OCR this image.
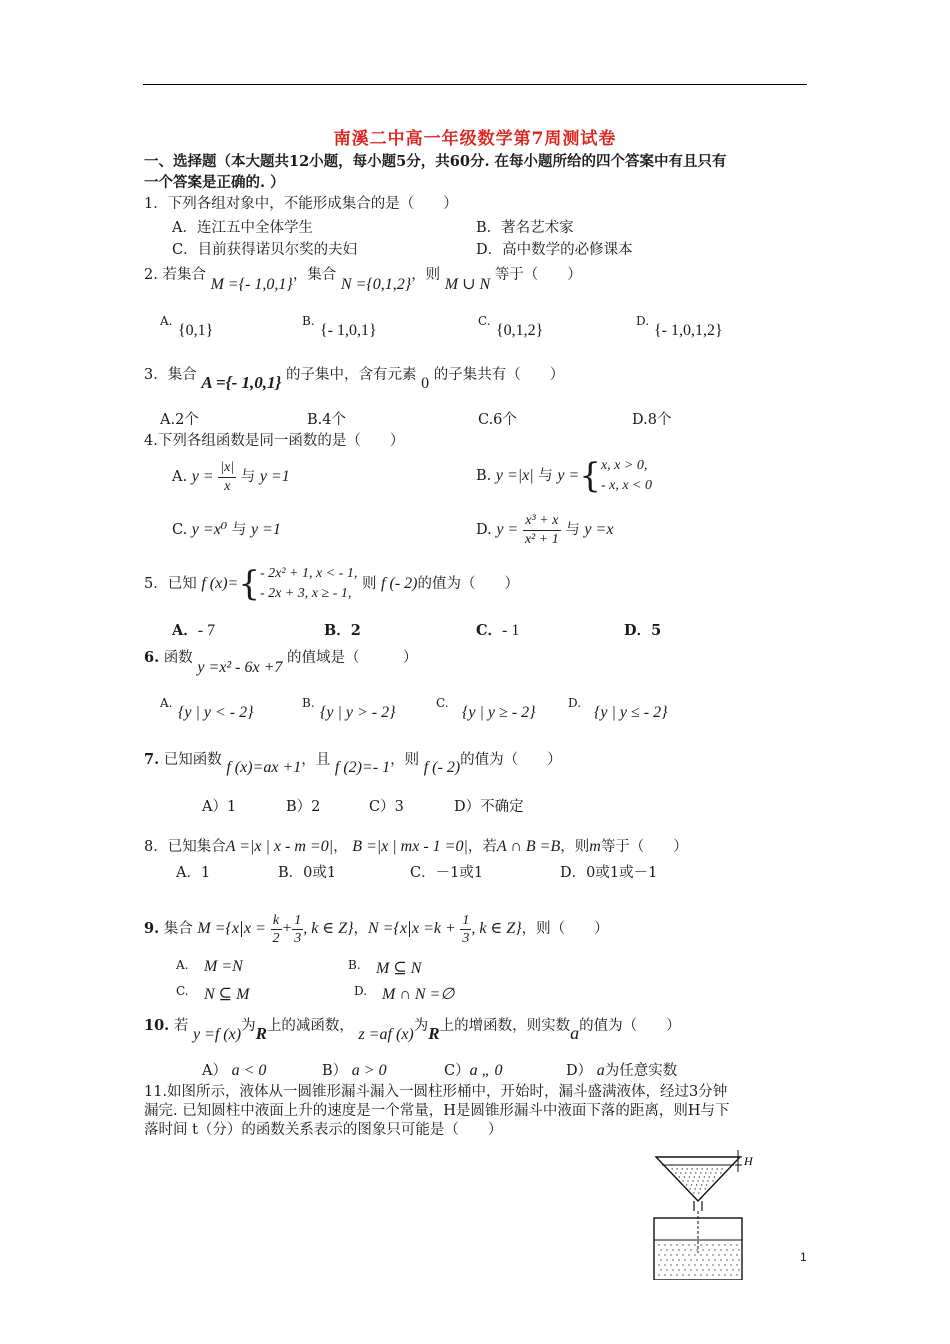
南溪二中高一年级数学第7周测试卷
一、选择题（本大题共12小题，每小题5分，共60分. 在每小题所给的四个答案中有且只有
一个答案是正确的. ）
1．下列各组对象中，不能形成集合的是（　　）
A．连江五中全体学生	B．著名艺术家
C．目前获得诺贝尔奖的夫妇	D．高中数学的必修课本
2. 若集合 M ={- 1,0,1}，集合 N ={0,1,2}，则 M ∪ N 等于（　　）
A.
{0,1}
B.
{- 1,0,1}
C.
{0,1,2}
D.
{- 1,0,1,2}
3．集合 A ={- 1,0,1} 的子集中，含有元素 0 的子集共有（　　）
A.2个	B.4个	C.6个	D.8个
4.下列各组函数是同一函数的是（　　）
A. $y = \frac{|x|}{x}$ 与 y =1	B. y =|x| 与 y ={ x, x > 0,
- x, x < 0
C. y =x⁰ 与 y =1	D. $y = \frac{\text{x³ + x}}{\text{x² + 1}}$ 与 y =x
5．已知 f (x)={ - 2x² + 1, x < - 1,
- 2x + 3, x ≥ - 1,
则 f (- 2)的值为（　　）
A．- 7	B．2	C．- 1	D．5
6. 函数 y =x² - 6x +7 的值域是（　　　）
A.
{y | y < - 2}
B.
{y | y > - 2}
C.
{y | y ≥ - 2}
D.
{y | y ≤ - 2}
7. 已知函数 f (x)=ax +1，且 f (2)=- 1，则 f (- 2)的值为（　　）
A）1	B）2	C）3	D）不确定
8．已知集合A =|x | x - m =0|， B =|x | mx - 1 =0|，若A ∩ B =B，则m等于（　　）
A．1	B．0或1	C．－1或1	D．0或1或－1
9. 集合 M ={x $x = \frac{k}{2} + \frac{1}{3}$ , k ∈ Z}，N ={x $x =k + \frac{1}{3}$ , k ∈ Z}，则（　　）
A. M =N	B. M ⊆ N
C. N ⊆ M	D. M ∩ N =∅
10. 若 y =f (x)为R上的减函数， z =af (x)为R上的增函数，则实数a的值为（　　）
A） a < 0	B） a > 0	C）a „ 0	D） a为任意实数
11.如图所示，液体从一圆锥形漏斗漏入一圆柱形桶中，开始时，漏斗盛满液体，经过3分钟
漏完. 已知圆柱中液面上升的速度是一个常量，H是圆锥形漏斗中液面下落的距离，则H与下
落时间 t（分）的函数关系表示的图象只可能是（　　）
H
1
